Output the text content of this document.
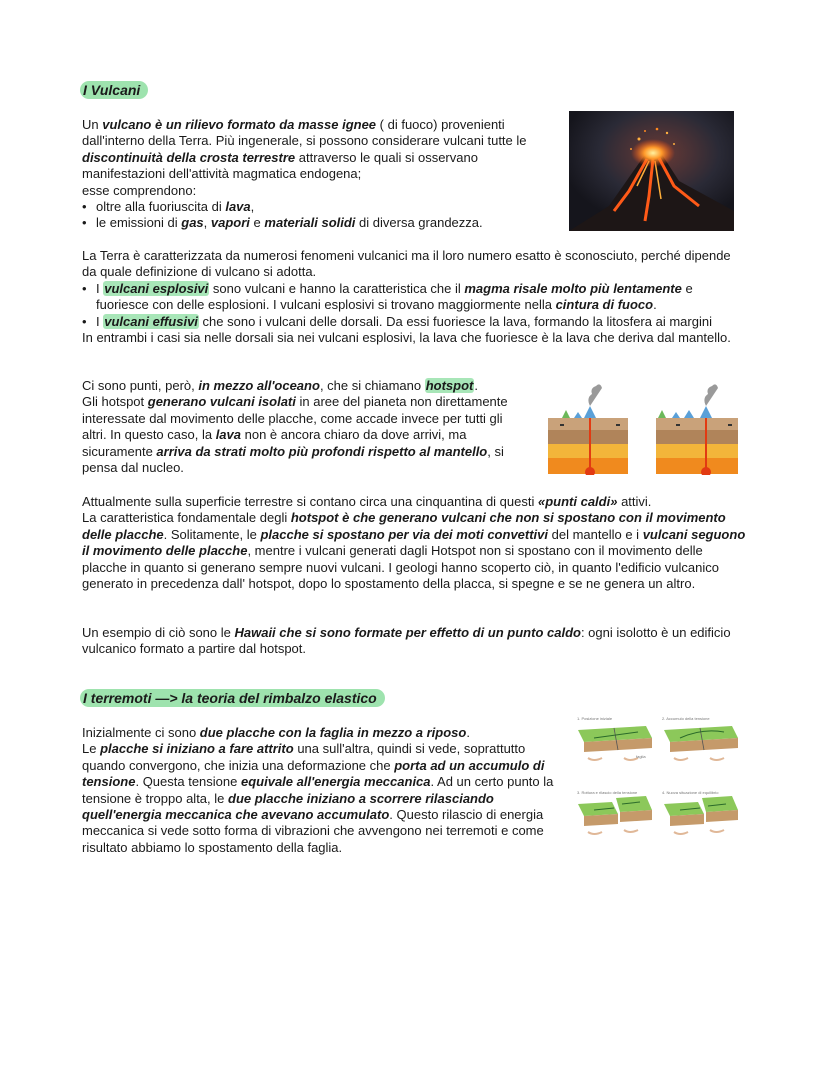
I Vulcani

Un vulcano è un rilievo formato da masse ignee ( di fuoco) provenienti dall'interno della Terra. Più ingenerale, si possono considerare vulcani tutte le discontinuità della crosta terrestre attraverso le quali si osservano manifestazioni dell'attività magmatica endogena;

esse comprendono:

• oltre alla fuoriuscita di lava,
• le emissioni di gas, vapori e materiali solidi di diversa grandezza.

La Terra è caratterizzata da numerosi fenomeni vulcanici ma il loro numero esatto è sconosciuto, perché dipende da quale definizione di vulcano si adotta.

• I vulcani esplosivi sono vulcani e hanno la caratteristica che il magma risale molto più lentamente e fuoriesce con delle esplosioni. I vulcani esplosivi si trovano maggiormente nella cintura di fuoco.
• I vulcani effusivi che sono i vulcani delle dorsali. Da essi fuoriesce la lava, formando la litosfera ai margini

In entrambi i casi sia nelle dorsali sia nei vulcani esplosivi, la lava che fuoriesce è la lava che deriva dal mantello.

Ci sono punti, però, in mezzo all'oceano, che si chiamano hotspot.

Gli hotspot generano vulcani isolati in aree del pianeta non direttamente interessate dal movimento delle placche, come accade invece per tutti gli altri. In questo caso, la lava non è ancora chiaro da dove arrivi, ma sicuramente arriva da strati molto più profondi rispetto al mantello, si pensa dal nucleo.

Attualmente sulla superficie terrestre si contano circa una cinquantina di questi «punti caldi» attivi.

La caratteristica fondamentale degli hotspot è che generano vulcani che non si spostano con il movimento delle placche. Solitamente, le placche si spostano per via dei moti convettivi del mantello e i vulcani seguono il movimento delle placche, mentre i vulcani generati dagli Hotspot non si spostano con il movimento delle placche in quanto si generano sempre nuovi vulcani. I geologi hanno scoperto ciò, in quanto l'edificio vulcanico generato in precedenza dall' hotspot, dopo lo spostamento della placca, si spegne e se ne genera un altro.

Un esempio di ciò sono le Hawaii che si sono formate per effetto di un punto caldo: ogni isolotto è un edificio vulcanico formato a partire dal hotspot.

I terremoti —> la teoria del rimbalzo elastico

Inizialmente ci sono due placche con la faglia in mezzo a riposo.

Le placche si iniziano a fare attrito una sull'altra, quindi si vede, soprattutto quando convergono, che inizia una deformazione che porta ad un accumulo di tensione. Questa tensione equivale all'energia meccanica. Ad un certo punto la tensione è troppo alta, le due placche iniziano a scorrere rilasciando quell'energia meccanica che avevano accumulato. Questo rilascio di energia meccanica si vede sotto forma di vibrazioni che avvengono nei terremoti e come risultato abbiamo lo spostamento della faglia.

1. Posizione iniziale	2. Accumulo della tensione
3. Rottura e rilascio della tensione	4. Nuova situazione di equilibrio
faglia
